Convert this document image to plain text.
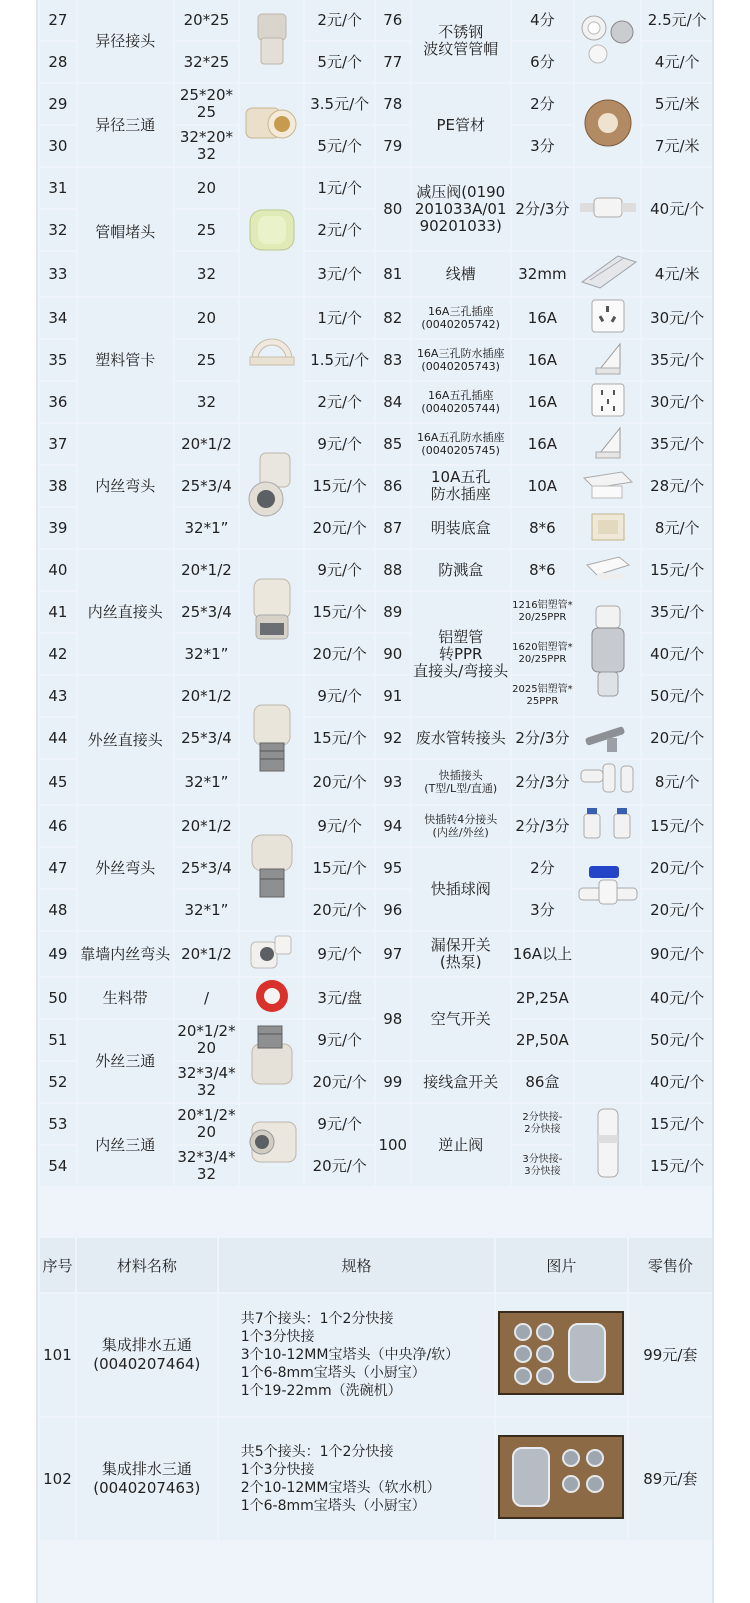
27	异径接头	20*25		2元/个	76	不锈钢
波纹管管帽	4分		2.5元/个
28		32*25		5元/个	77		6分		4元/个
29	异径三通	25*20*
25		3.5元/个	78	PE管材	2分		5元/米
30		32*20*
32		5元/个	79		3分		7元/米
31	管帽堵头	20		1元/个	80	减压阀(0190
201033A/01
90201033)	2分/3分		40元/个
32		25		2元/个					
33		32		3元/个	81	线槽	32mm		4元/米
34	塑料管卡	20		1元/个	82	16A三孔插座
(0040205742)	16A		30元/个
35		25		1.5元/个	83	16A三孔防水插座
(0040205743)	16A		35元/个
36		32		2元/个	84	16A五孔插座
(0040205744)	16A		30元/个
37	内丝弯头	20*1/2		9元/个	85	16A五孔防水插座
(0040205745)	16A		35元/个
38		25*3/4		15元/个	86	10A五孔
防水插座	10A		28元/个
39		32*1”		20元/个	87	明装底盒	8*6		8元/个
40	内丝直接头	20*1/2		9元/个	88	防溅盒	8*6		15元/个
41		25*3/4		15元/个	89	铝塑管
转PPR
直接头/弯接头	1216铝塑管*
20/25PPR		35元/个
42		32*1”		20元/个	90		1620铝塑管*
20/25PPR		40元/个
43	外丝直接头	20*1/2		9元/个	91		2025铝塑管*
25PPR		50元/个
44		25*3/4		15元/个	92	废水管转接头	2分/3分		20元/个
45		32*1”		20元/个	93	快插接头
(T型/L型/直通)	2分/3分		8元/个
46	外丝弯头	20*1/2		9元/个	94	快插转4分接头
(内丝/外丝)	2分/3分		15元/个
47		25*3/4		15元/个	95	快插球阀	2分		20元/个
48		32*1”		20元/个	96		3分		20元/个
49	靠墙内丝弯头	20*1/2		9元/个	97	漏保开关
(热泵)	16A以上		90元/个
50	生料带	/		3元/盘	98	空气开关	2P,25A		40元/个
51	外丝三通	20*1/2*
20		9元/个			2P,50A		50元/个
52		32*3/4*
32		20元/个	99	接线盒开关	86盒		40元/个
53	内丝三通	20*1/2*
20		9元/个	100	逆止阀	2分快接-
2分快接		15元/个
54		32*3/4*
32		20元/个			3分快接-
3分快接		15元/个
序号	材料名称	规格	图片	零售价
101	集成排水五通
(0040207464)	共7个接头：1个2分快接
1个3分快接
3个10-12MM宝塔头（中央净/软）
1个6-8mm宝塔头（小厨宝）
1个19-22mm（洗碗机）		99元/套
102	集成排水三通
(0040207463)	共5个接头：1个2分快接
1个3分快接
2个10-12MM宝塔头（软水机）
1个6-8mm宝塔头（小厨宝）		89元/套
